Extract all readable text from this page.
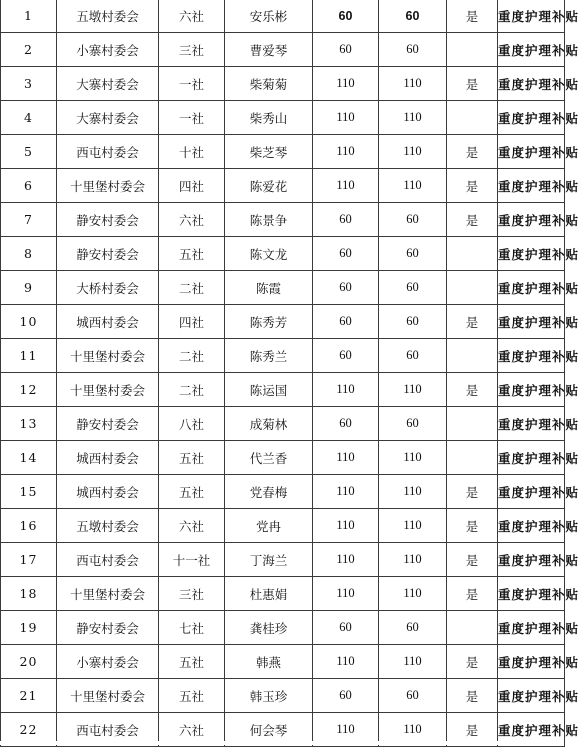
1	五墩村委会	六社	安乐彬	60	60	是	重度护理补贴
2	小寨村委会	三社	曹爱琴	60	60		重度护理补贴
3	大寨村委会	一社	柴菊菊	110	110	是	重度护理补贴
4	大寨村委会	一社	柴秀山	110	110		重度护理补贴
5	西屯村委会	十社	柴芝琴	110	110	是	重度护理补贴
6	十里堡村委会	四社	陈爱花	110	110	是	重度护理补贴
7	静安村委会	六社	陈景争	60	60	是	重度护理补贴
8	静安村委会	五社	陈文龙	60	60		重度护理补贴
9	大桥村委会	二社	陈霞	60	60		重度护理补贴
10	城西村委会	四社	陈秀芳	60	60	是	重度护理补贴
11	十里堡村委会	二社	陈秀兰	60	60		重度护理补贴
12	十里堡村委会	二社	陈运国	110	110	是	重度护理补贴
13	静安村委会	八社	成菊林	60	60		重度护理补贴
14	城西村委会	五社	代兰香	110	110		重度护理补贴
15	城西村委会	五社	党春梅	110	110	是	重度护理补贴
16	五墩村委会	六社	党冉	110	110	是	重度护理补贴
17	西屯村委会	十一社	丁海兰	110	110	是	重度护理补贴
18	十里堡村委会	三社	杜惠娟	110	110	是	重度护理补贴
19	静安村委会	七社	龚桂珍	60	60		重度护理补贴
20	小寨村委会	五社	韩燕	110	110	是	重度护理补贴
21	十里堡村委会	五社	韩玉珍	60	60	是	重度护理补贴
22	西屯村委会	六社	何会琴	110	110	是	重度护理补贴
